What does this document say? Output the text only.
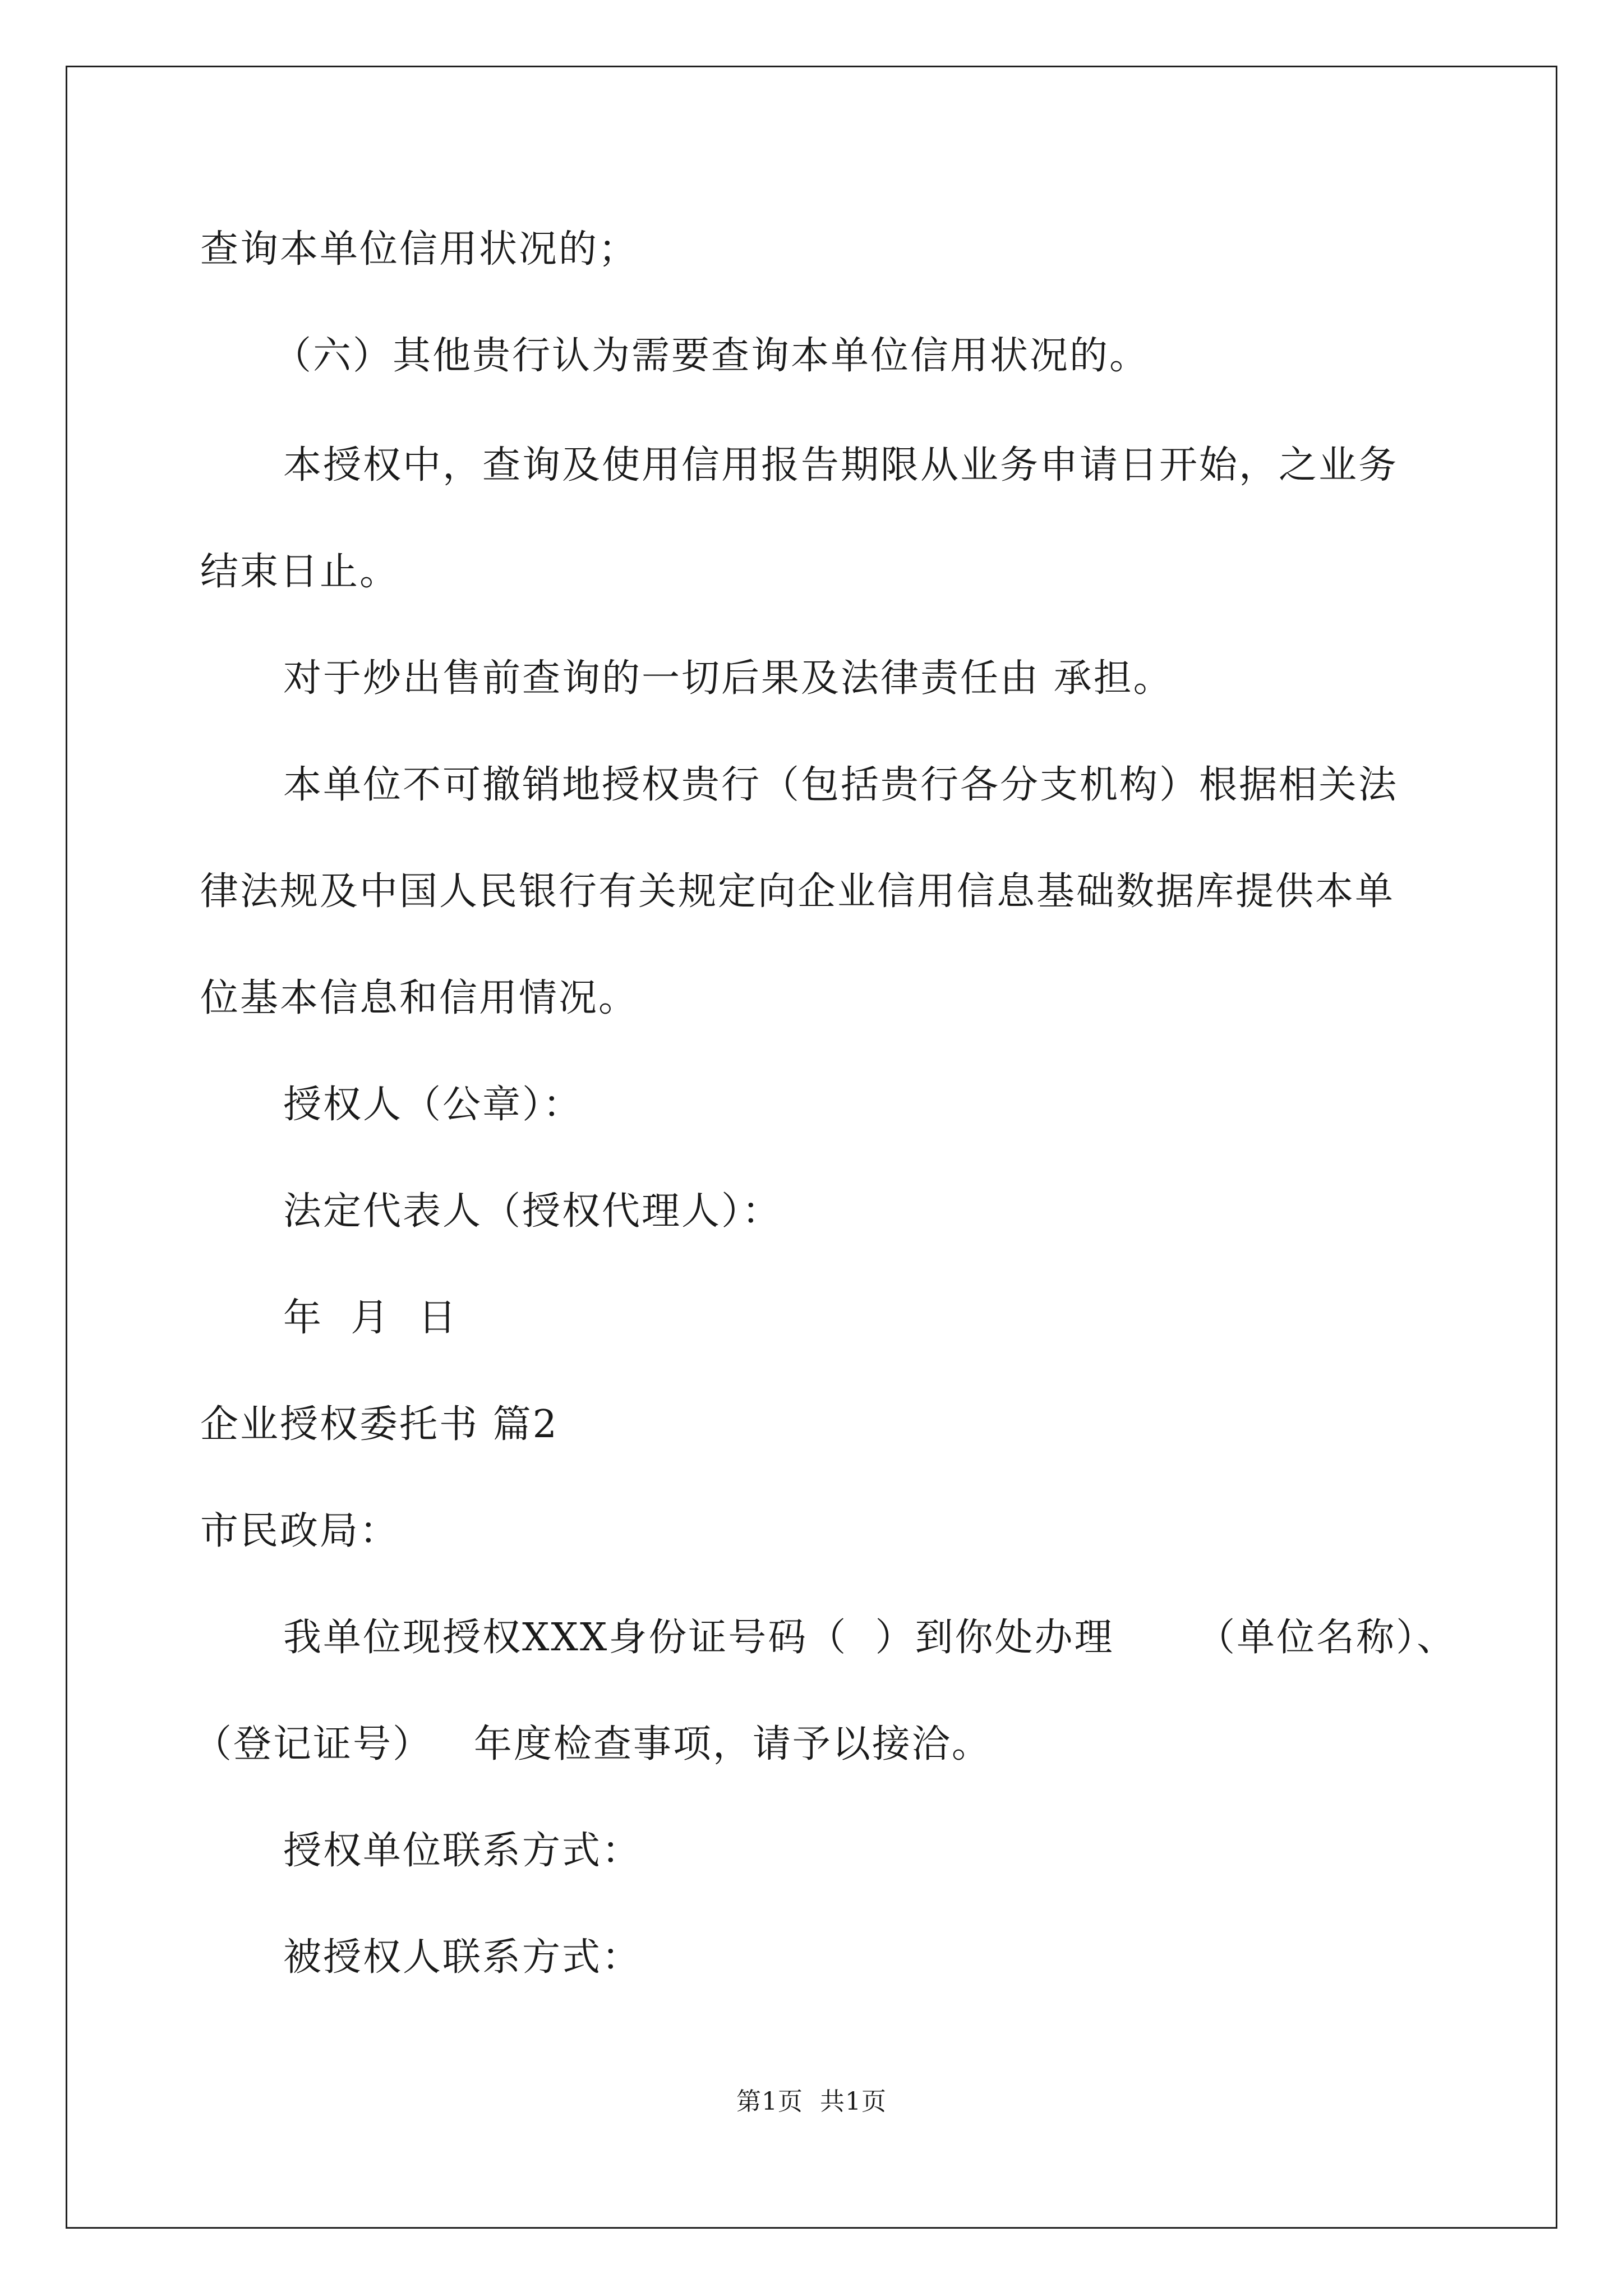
查询本单位信用状况的；
（六）其他贵行认为需要查询本单位信用状况的。
本授权中，查询及使用信用报告期限从业务申请日开始，之业务
结束日止。
对于炒出售前查询的一切后果及法律责任由 承担。
本单位不可撤销地授权贵行（包括贵行各分支机构）根据相关法
律法规及中国人民银行有关规定向企业信用信息基础数据库提供本单
位基本信息和信用情况。
授权人（公章）：
法定代表人（授权代理人）：
年  月  日
企业授权委托书 篇2
市民政局：
我单位现授权XXX身份证号码（  ）到你处办理      （单位名称）、
（登记证号）   年度检查事项，请予以接洽。
授权单位联系方式：
被授权人联系方式：
第1页  共1页
